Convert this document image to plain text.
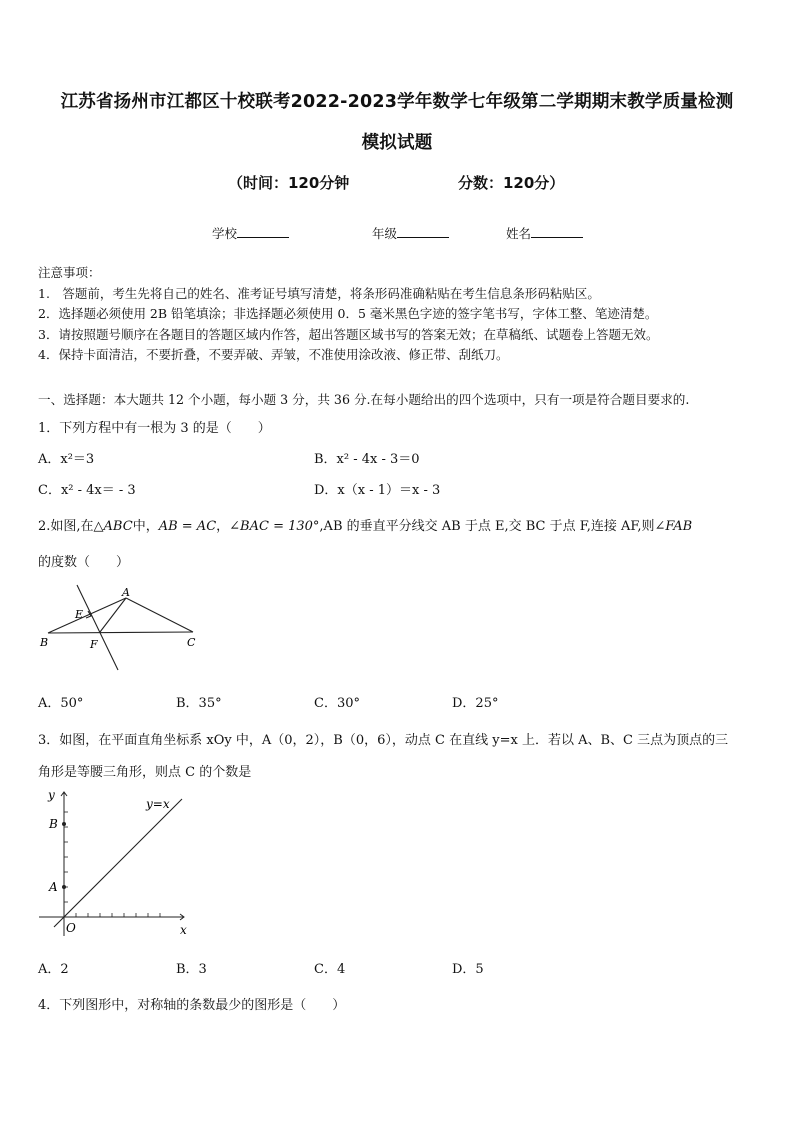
江苏省扬州市江都区十校联考2022-2023学年数学七年级第二学期期末教学质量检测
模拟试题
（时间：120分钟	分数：120分）
学校	年级	姓名
注意事项：
1.　答题前，考生先将自己的姓名、准考证号填写清楚，将条形码准确粘贴在考生信息条形码粘贴区。
2．选择题必须使用 2B 铅笔填涂；非选择题必须使用 0．5 毫米黑色字迹的签字笔书写，字体工整、笔迹清楚。
3．请按照题号顺序在各题目的答题区域内作答，超出答题区域书写的答案无效；在草稿纸、试题卷上答题无效。
4．保持卡面清洁，不要折叠，不要弄破、弄皱，不准使用涂改液、修正带、刮纸刀。
一、选择题：本大题共 12 个小题，每小题 3 分，共 36 分.在每小题给出的四个选项中，只有一项是符合题目要求的.
1．下列方程中有一根为 3 的是（　　）
A．x²＝3	B．x² - 4x - 3＝0
C．x² - 4x＝ - 3	D．x（x - 1）＝x - 3
2.如图,在△ABC中，AB = AC，∠BAC = 130°,AB 的垂直平分线交 AB 于点 E,交 BC 于点 F,连接 AF,则∠FAB
的度数（　　）
A
B	C
E
F
A．50°	B．35°	C．30°	D．25°
3．如图，在平面直角坐标系 xOy 中，A（0，2），B（0，6），动点 C 在直线 y=x 上．若以 A、B、C 三点为顶点的三
角形是等腰三角形，则点 C 的个数是
y
x
O
A
B
y=x
A．2	B．3	C．4	D．5
4．下列图形中，对称轴的条数最少的图形是（　　）
